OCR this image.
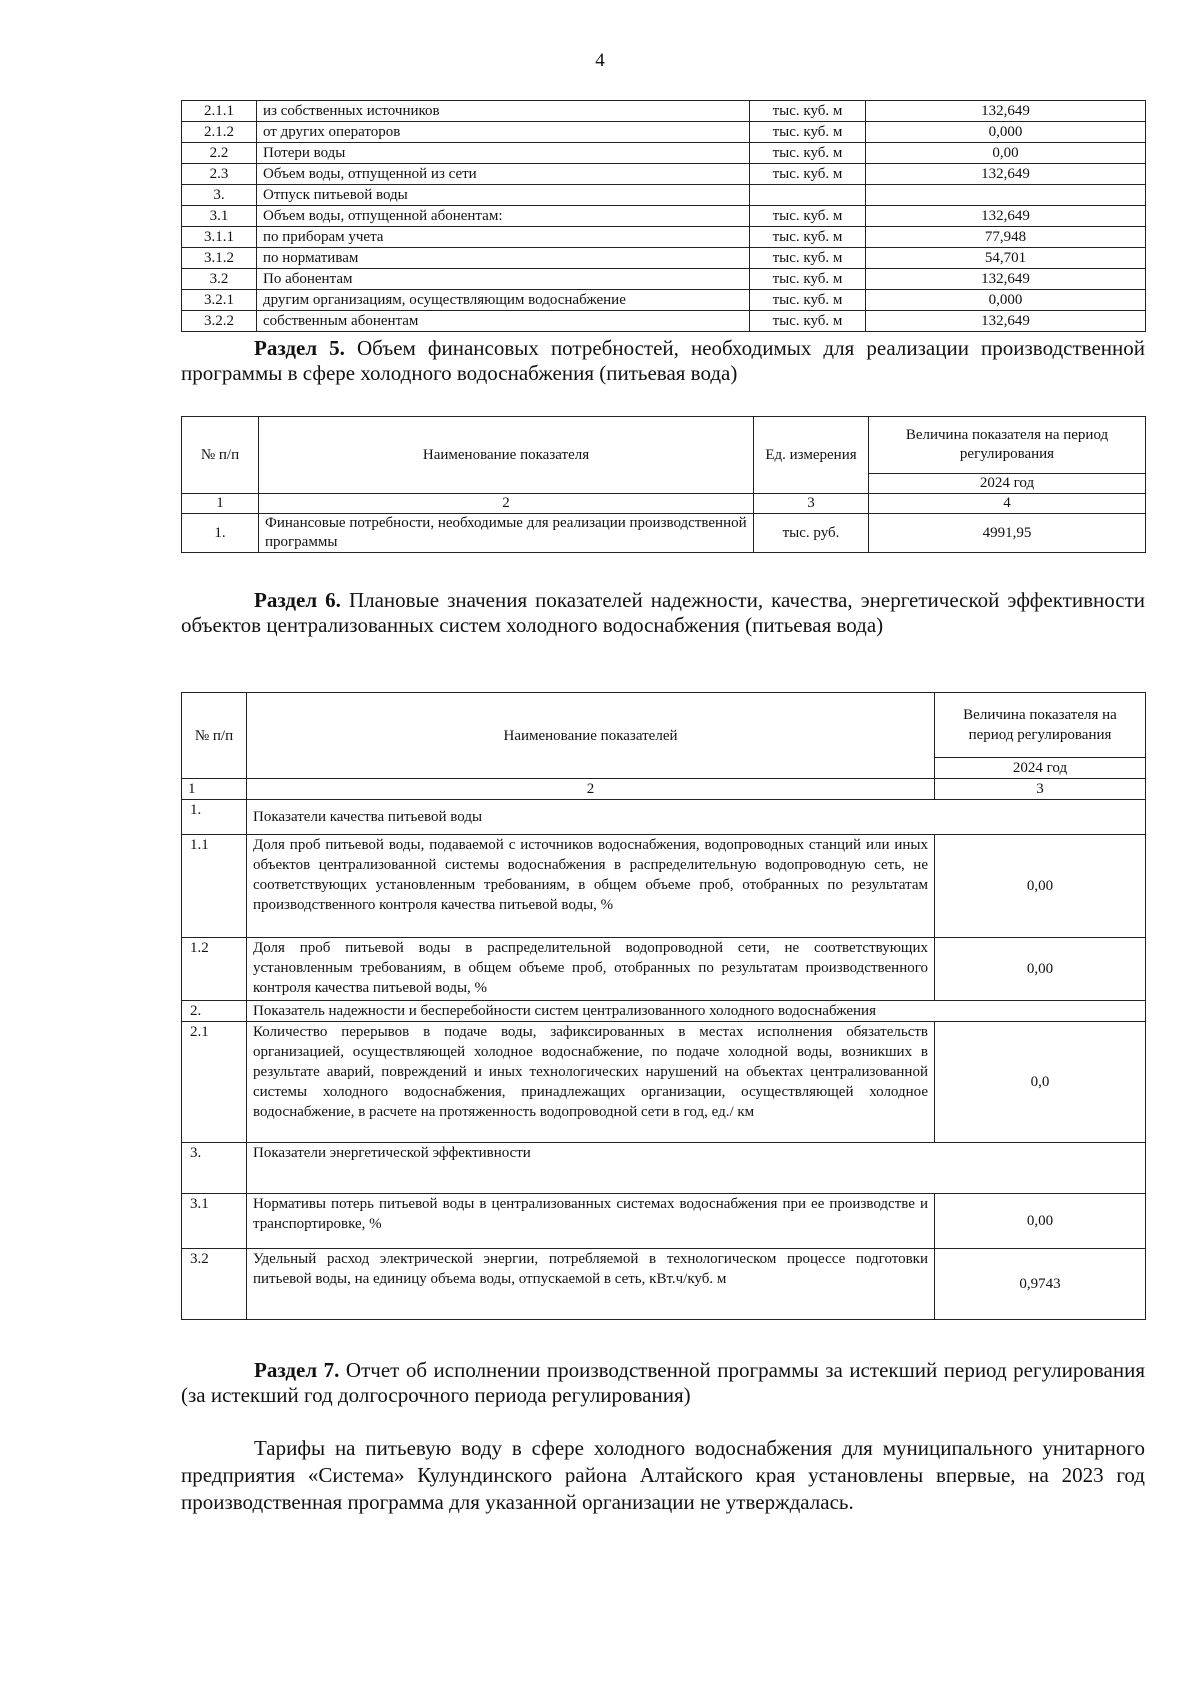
4
2.1.1	из собственных источников	тыс. куб. м	132,649
2.1.2	от других операторов	тыс. куб. м	0,000
2.2	Потери воды	тыс. куб. м	0,00
2.3	Объем воды, отпущенной из сети	тыс. куб. м	132,649
3.	Отпуск питьевой воды		
3.1	Объем воды, отпущенной абонентам:	тыс. куб. м	132,649
3.1.1	по приборам учета	тыс. куб. м	77,948
3.1.2	по нормативам	тыс. куб. м	54,701
3.2	По абонентам	тыс. куб. м	132,649
3.2.1	другим организациям, осуществляющим водоснабжение	тыс. куб. м	0,000
3.2.2	собственным абонентам	тыс. куб. м	132,649
Раздел 5. Объем финансовых потребностей, необходимых для реализации производственной программы в сфере холодного водоснабжения (питьевая вода)
№ п/п	Наименование показателя	Ед. измерения	Величина показателя на период регулирования
			2024 год
1	2	3	4
1.	Финансовые потребности, необходимые для реализации производственной программы	тыс. руб.	4991,95
Раздел 6. Плановые значения показателей надежности, качества, энергетической эффективности объектов централизованных систем холодного водоснабжения (питьевая вода)
№ п/п	Наименование показателей	Величина показателя на период регулирования
		2024 год
1	2	3
1.	Показатели качества питьевой воды	
1.1	Доля проб питьевой воды, подаваемой с источников водоснабжения, водопроводных станций или иных объектов централизованной системы водоснабжения в распределительную водопроводную сеть, не соответствующих установленным требованиям, в общем объеме проб, отобранных по результатам производственного контроля качества питьевой воды, %	0,00
1.2	Доля проб питьевой воды в распределительной водопроводной сети, не соответствующих установленным требованиям, в общем объеме проб, отобранных по результатам производственного контроля качества питьевой воды, %	0,00
2.	Показатель надежности и бесперебойности систем централизованного холодного водоснабжения	
2.1	Количество перерывов в подаче воды, зафиксированных в местах исполнения обязательств организацией, осуществляющей холодное водоснабжение, по подаче холодной воды, возникших в результате аварий, повреждений и иных технологических нарушений на объектах централизованной системы холодного водоснабжения, принадлежащих организации, осуществляющей холодное водоснабжение, в расчете на протяженность водопроводной сети в год, ед./ км	0,0
3.	Показатели энергетической эффективности	
3.1	Нормативы потерь питьевой воды в централизованных системах водоснабжения при ее производстве и транспортировке, %	0,00
3.2	Удельный расход электрической энергии, потребляемой в технологическом процессе подготовки питьевой воды, на единицу объема воды, отпускаемой в сеть, кВт.ч/куб. м	0,9743
Раздел 7. Отчет об исполнении производственной программы за истекший период регулирования (за истекший год долгосрочного периода регулирования)
Тарифы на питьевую воду в сфере холодного водоснабжения для муниципального унитарного предприятия «Система» Кулундинского района Алтайского края установлены впервые, на 2023 год производственная программа для указанной организации не утверждалась.
